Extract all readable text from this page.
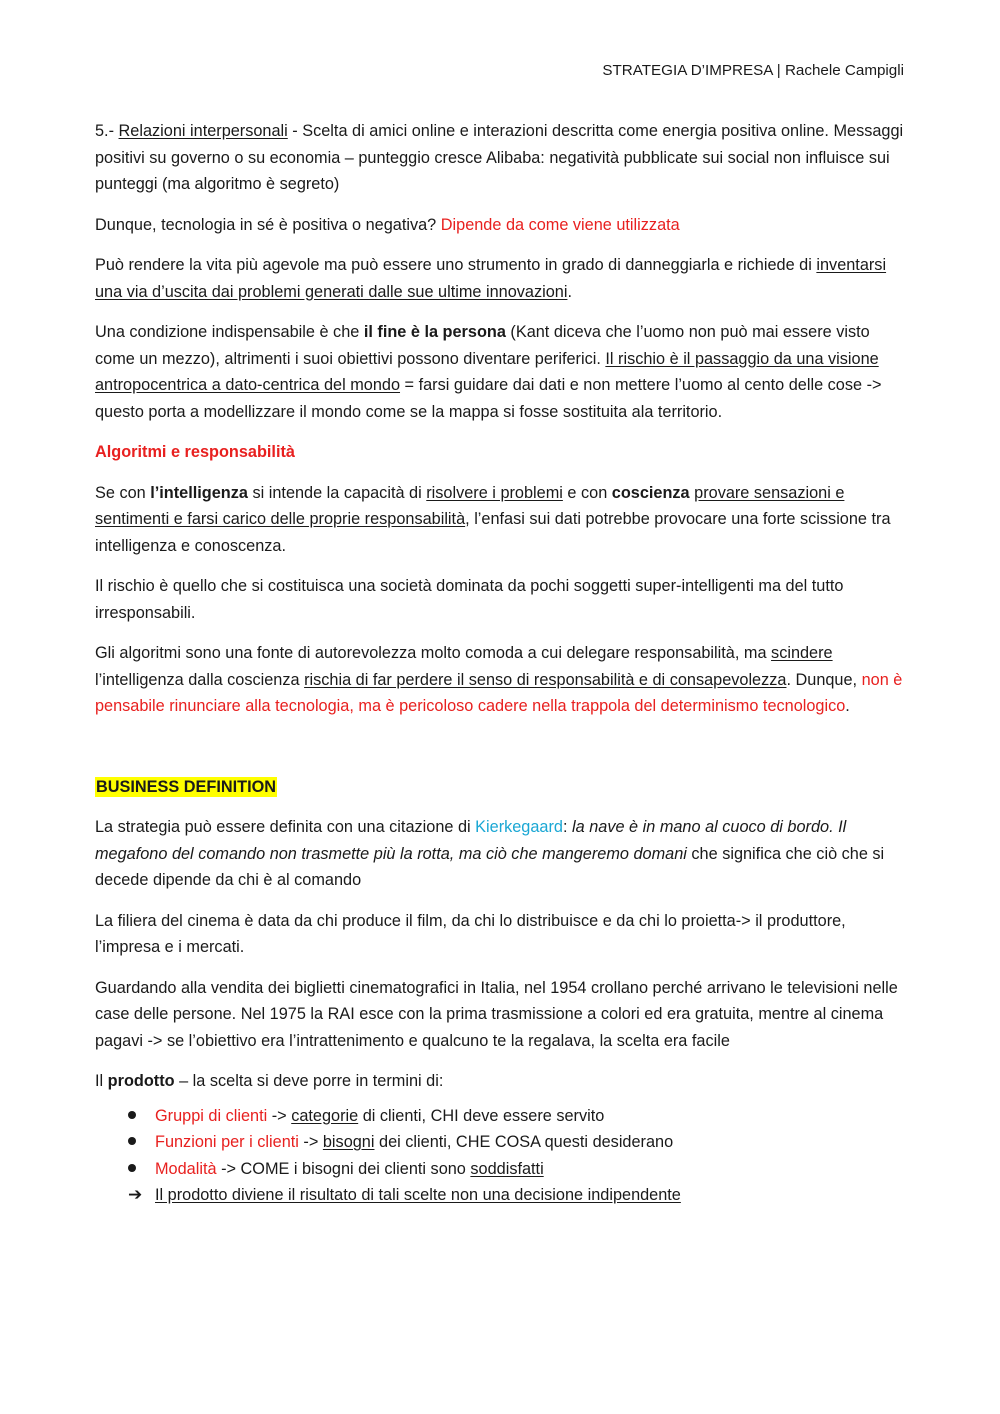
STRATEGIA D’IMPRESA | Rachele Campigli

5.- Relazioni interpersonali - Scelta di amici online e interazioni descritta come energia positiva online. Messaggi positivi su governo o su economia – punteggio cresce Alibaba: negatività pubblicate sui social non influisce sui punteggi (ma algoritmo è segreto)

Dunque, tecnologia in sé è positiva o negativa? Dipende da come viene utilizzata

Può rendere la vita più agevole ma può essere uno strumento in grado di danneggiarla e richiede di inventarsi una via d’uscita dai problemi generati dalle sue ultime innovazioni.

Una condizione indispensabile è che il fine è la persona (Kant diceva che l’uomo non può mai essere visto come un mezzo), altrimenti i suoi obiettivi possono diventare periferici. Il rischio è il passaggio da una visione antropocentrica a dato-centrica del mondo = farsi guidare dai dati e non mettere l’uomo al cento delle cose -> questo porta a modellizzare il mondo come se la mappa si fosse sostituita ala territorio.

Algoritmi e responsabilità

Se con l’intelligenza si intende la capacità di risolvere i problemi e con coscienza provare sensazioni e sentimenti e farsi carico delle proprie responsabilità, l’enfasi sui dati potrebbe provocare una forte scissione tra intelligenza e conoscenza.

Il rischio è quello che si costituisca una società dominata da pochi soggetti super-intelligenti ma del tutto irresponsabili.

Gli algoritmi sono una fonte di autorevolezza molto comoda a cui delegare responsabilità, ma scindere l’intelligenza dalla coscienza rischia di far perdere il senso di responsabilità e di consapevolezza. Dunque, non è pensabile rinunciare alla tecnologia, ma è pericoloso cadere nella trappola del determinismo tecnologico.

BUSINESS DEFINITION

La strategia può essere definita con una citazione di Kierkegaard: la nave è in mano al cuoco di bordo. Il megafono del comando non trasmette più la rotta, ma ciò che mangeremo domani che significa che ciò che si decede dipende da chi è al comando

La filiera del cinema è data da chi produce il film, da chi lo distribuisce e da chi lo proietta-> il produttore, l’impresa e i mercati.

Guardando alla vendita dei biglietti cinematografici in Italia, nel 1954 crollano perché arrivano le televisioni nelle case delle persone. Nel 1975 la RAI esce con la prima trasmissione a colori ed era gratuita, mentre al cinema pagavi -> se l’obiettivo era l’intrattenimento e qualcuno te la regalava, la scelta era facile

Il prodotto – la scelta si deve porre in termini di:

Gruppi di clienti -> categorie di clienti, CHI deve essere servito
Funzioni per i clienti -> bisogni dei clienti, CHE COSA questi desiderano
Modalità -> COME i bisogni dei clienti sono soddisfatti
➔ Il prodotto diviene il risultato di tali scelte non una decisione indipendente
